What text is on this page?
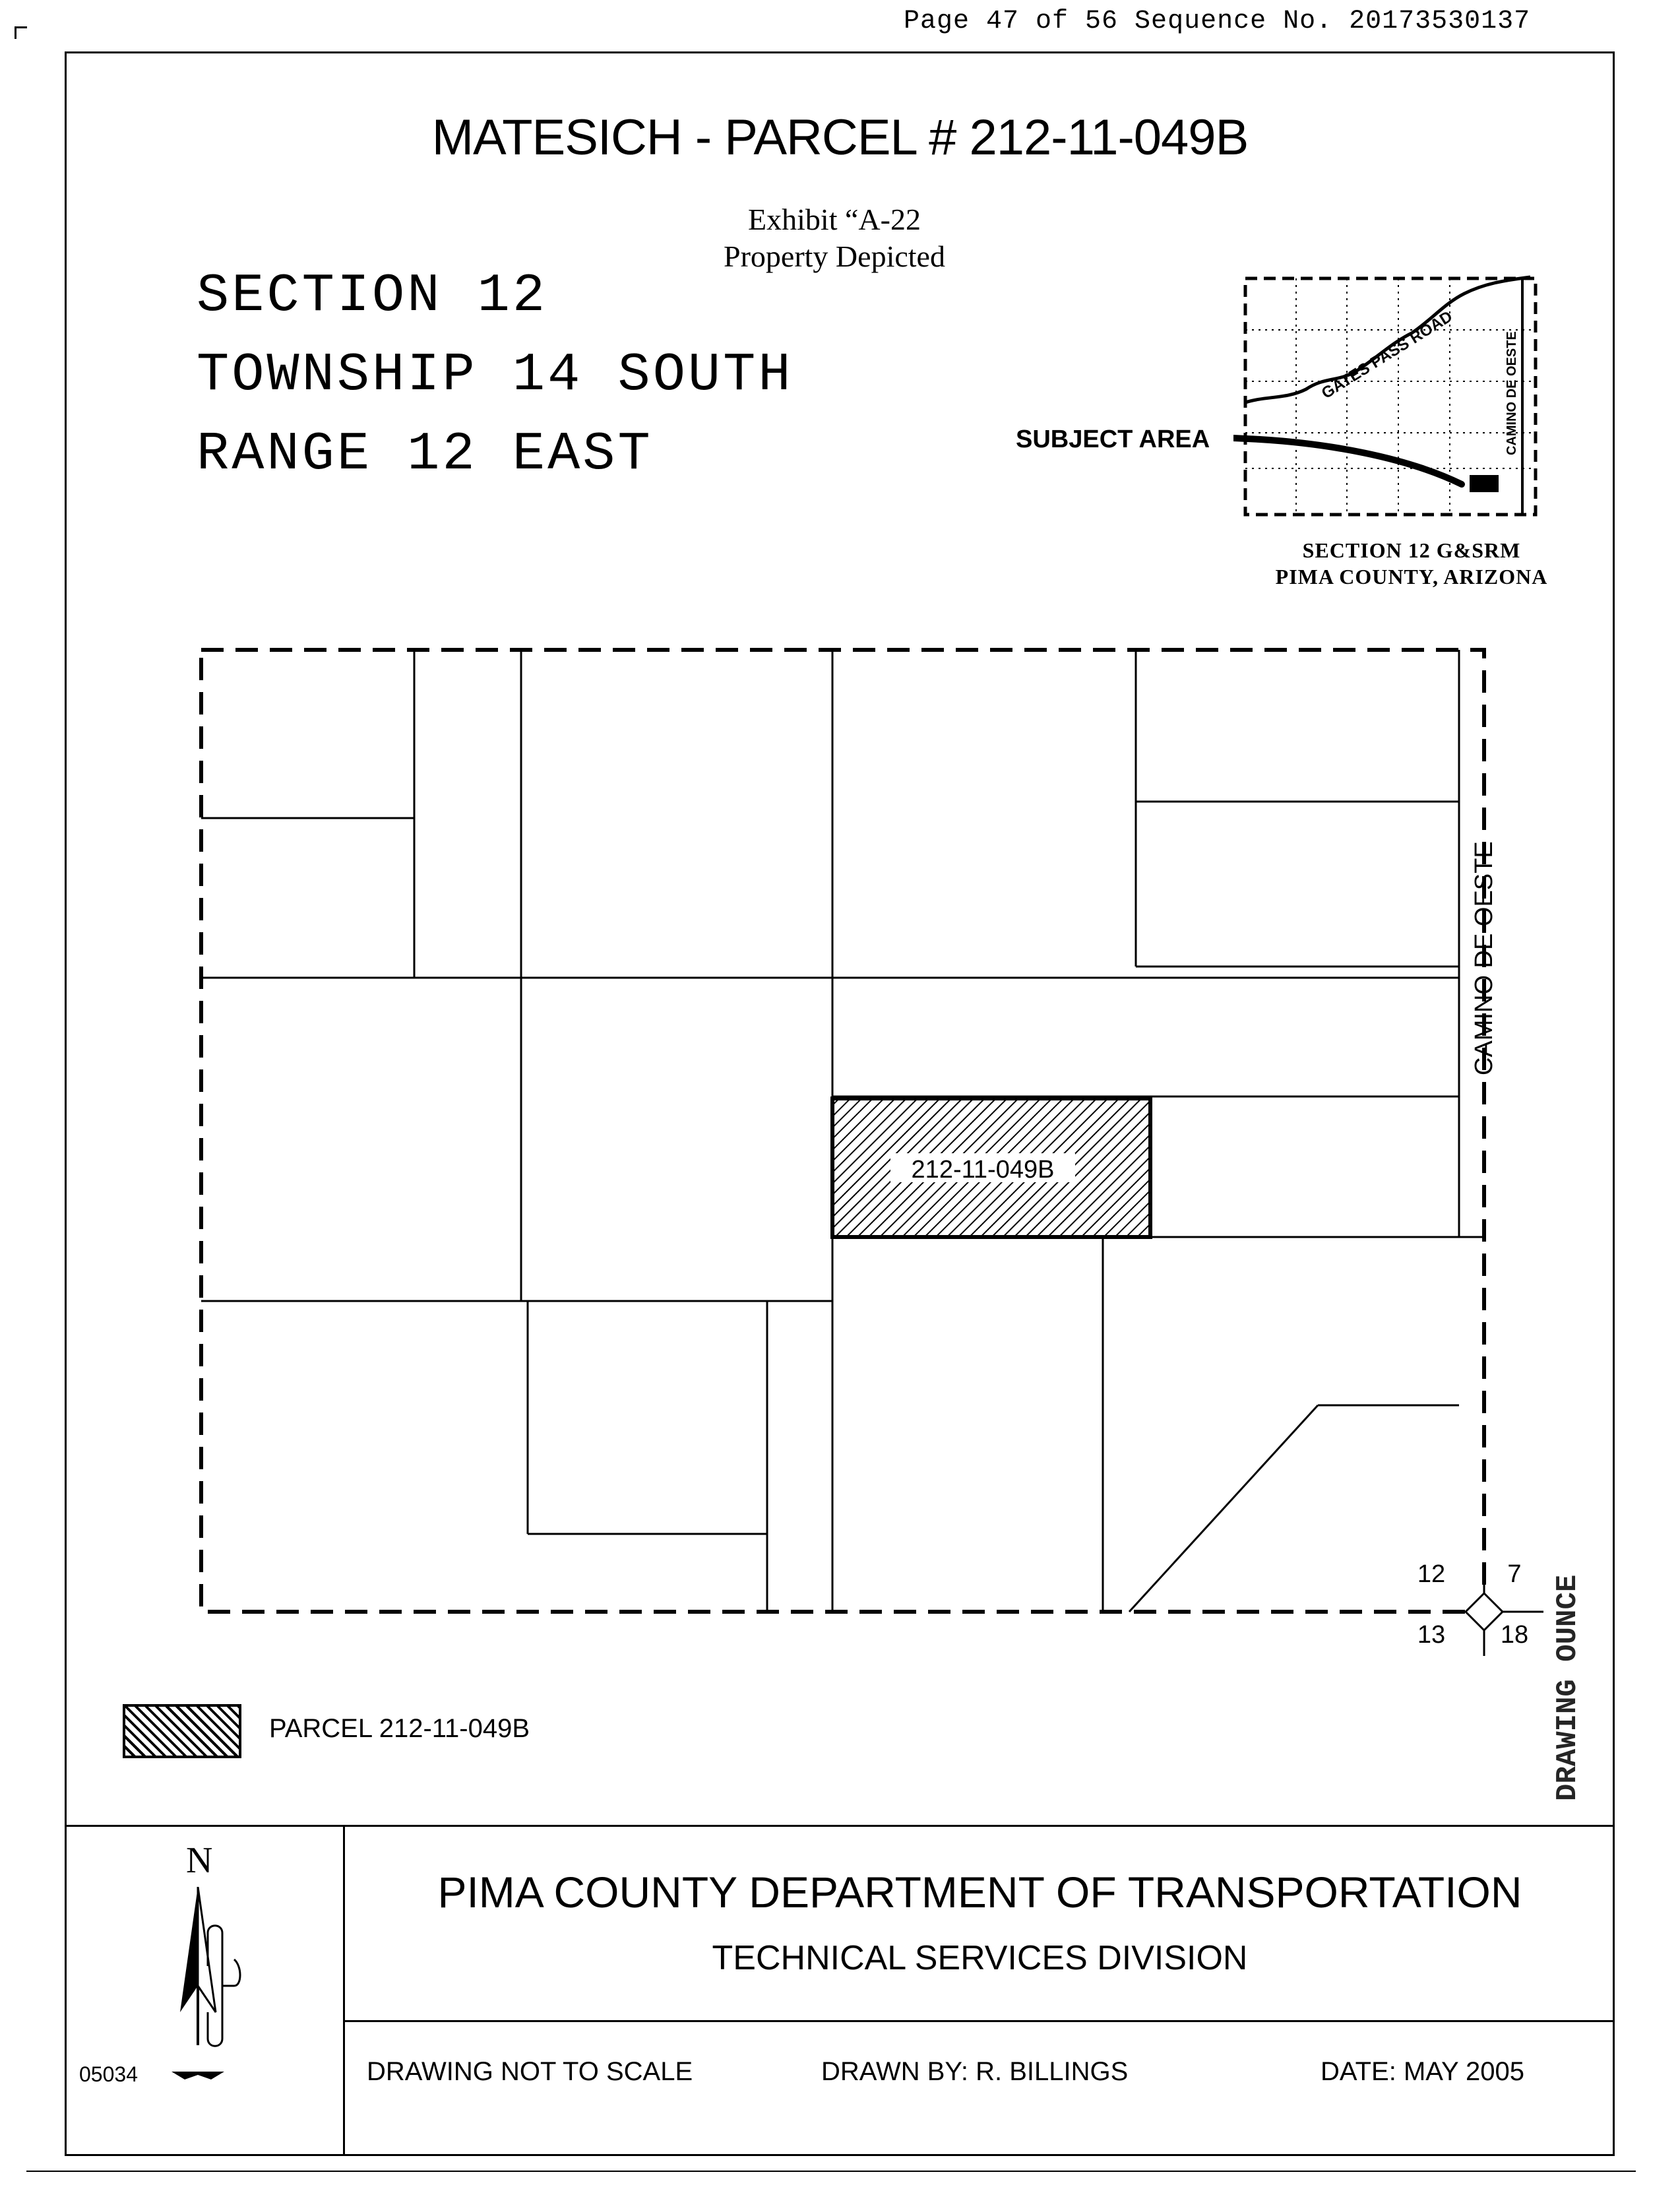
Page 47 of 56 Sequence No. 20173530137
MATESICH - PARCEL # 212-11-049B
Exhibit “A-22
Property Depicted
SECTION 12
TOWNSHIP 14 SOUTH
RANGE 12 EAST	SUBJECT AREA
GATES PASS ROAD	CAMINO DE OESTE
SECTION 12 G&SRM
PIMA COUNTY, ARIZONA
212-11-049B
CAMINO DE OESTE
12 7
13 18
PARCEL 212-11-049B
N
05034
PIMA COUNTY DEPARTMENT OF TRANSPORTATION
TECHNICAL SERVICES DIVISION
DRAWING NOT TO SCALE	DRAWN BY: R. BILLINGS	DATE: MAY 2005
DRAWING OUNCE
